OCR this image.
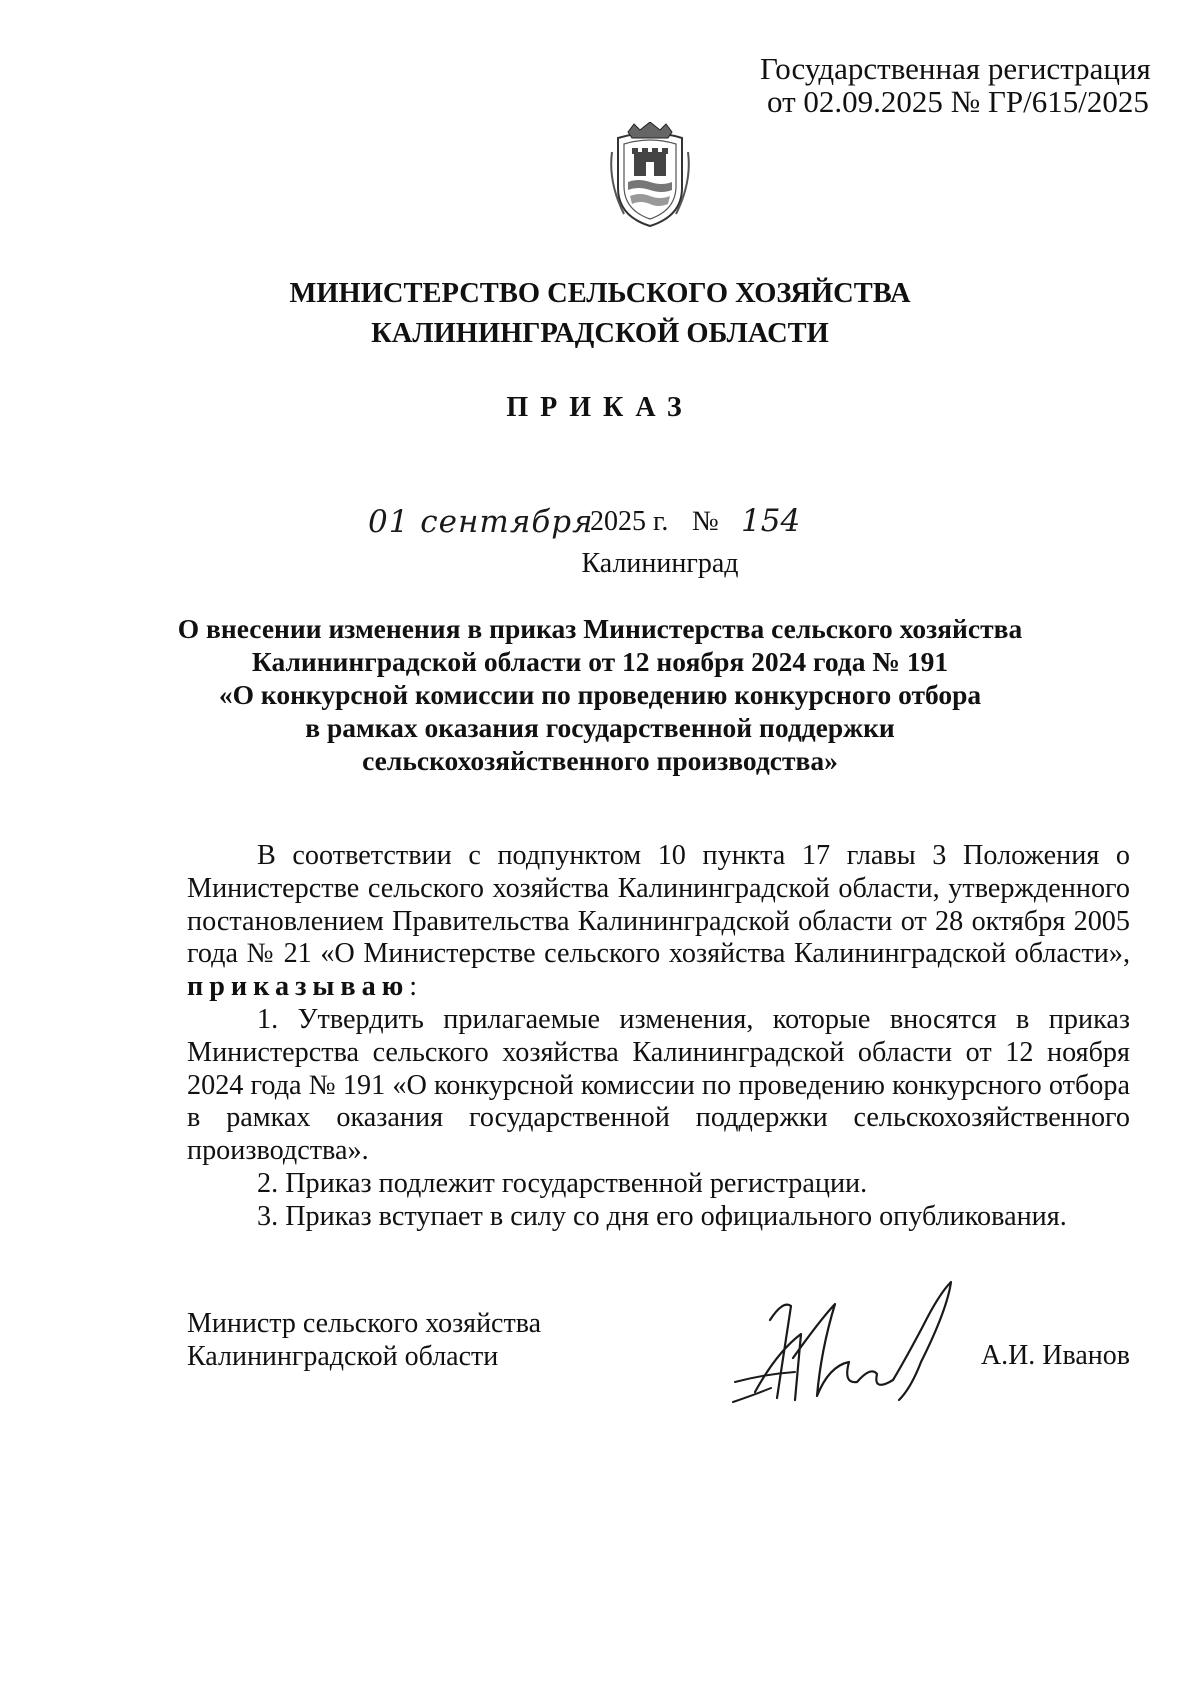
Государственная регистрация
от 02.09.2025 № ГР/615/2025
МИНИСТЕРСТВО СЕЛЬСКОГО ХОЗЯЙСТВА
КАЛИНИНГРАДСКОЙ ОБЛАСТИ
ПРИКАЗ
01 сентября
2025 г. № 154
Калининград
О внесении изменения в приказ Министерства сельского хозяйства
Калининградской области от 12 ноября 2024 года № 191
«О конкурсной комиссии по проведению конкурсного отбора
в рамках оказания государственной поддержки
сельскохозяйственного производства»

В соответствии с подпунктом 10 пункта 17 главы 3 Положения о Министерстве сельского хозяйства Калининградской области, утвержденного постановлением Правительства Калининградской области от 28 октября 2005 года № 21 «О Министерстве сельского хозяйства Калининградской области», приказываю:

1. Утвердить прилагаемые изменения, которые вносятся в приказ Министерства сельского хозяйства Калининградской области от 12 ноября 2024 года № 191 «О конкурсной комиссии по проведению конкурсного отбора в рамках оказания государственной поддержки сельскохозяйственного производства».

2. Приказ подлежит государственной регистрации.

3. Приказ вступает в силу со дня его официального опубликования.

Министр сельского хозяйства
Калининградской области	А.И. Иванов
